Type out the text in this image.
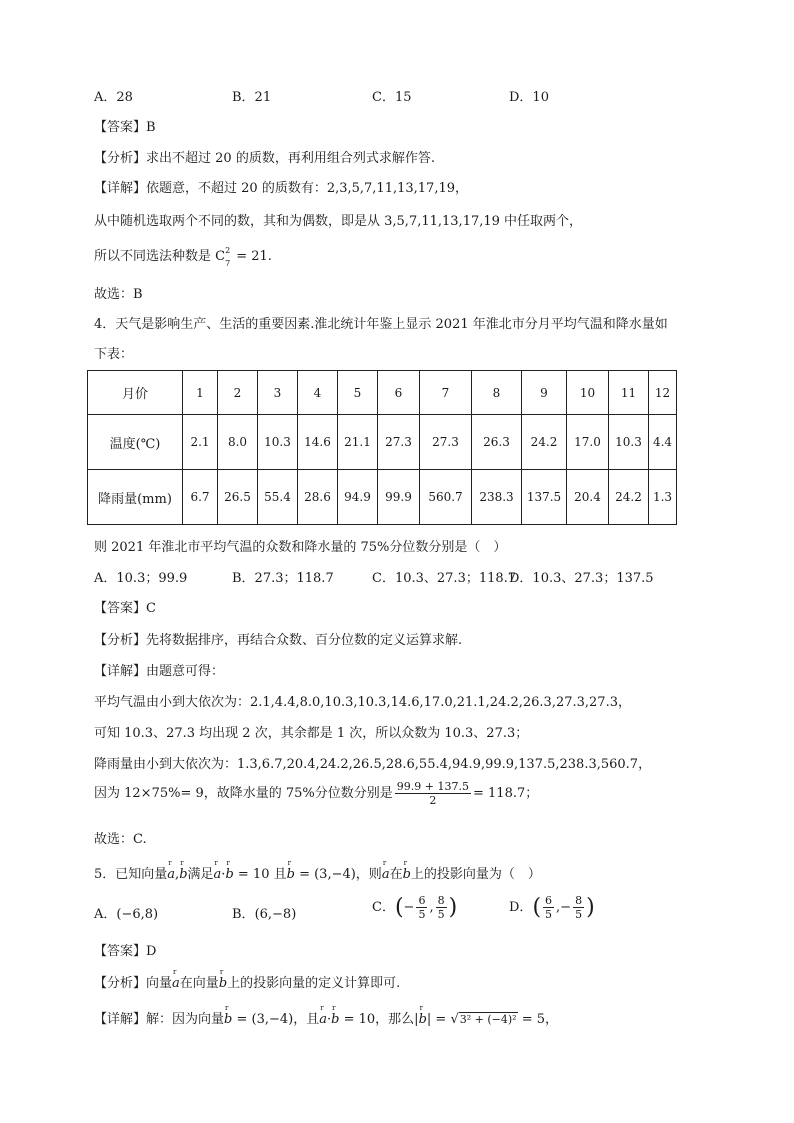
A．28	B．21	C．15	D．10
【答案】B
【分析】求出不超过 20 的质数，再利用组合列式求解作答.
【详解】依题意，不超过 20 的质数有：2,3,5,7,11,13,17,19，
从中随机选取两个不同的数，其和为偶数，即是从 3,5,7,11,13,17,19 中任取两个，
所以不同选法种数是 C 2
7 = 21.
故选：B
4．天气是影响生产、生活的重要因素.淮北统计年鉴上显示 2021 年淮北市分月平均气温和降水量如
下表：
月价	1	2	3	4	5	6	7	8	9	10	11	12
温度(℃)	2.1	8.0	10.3	14.6	21.1	27.3	27.3	26.3	24.2	17.0	10.3	4.4
降雨量(mm)	6.7	26.5	55.4	28.6	94.9	99.9	560.7	238.3	137.5	20.4	24.2	1.3
则 2021 年淮北市平均气温的众数和降水量的 75%分位数分别是（　）
A．10.3；99.9	B．27.3；118.7	C．10.3、27.3；118.7
D．10.3、27.3；137.5
【答案】C
【分析】先将数据排序，再结合众数、百分位数的定义运算求解.
【详解】由题意可得：
平均气温由小到大依次为：2.1,4.4,8.0,10.3,10.3,14.6,17.0,21.1,24.2,26.3,27.3,27.3，
可知 10.3、27.3 均出现 2 次，其余都是 1 次，所以众数为 10.3、27.3；
降雨量由小到大依次为：1.3,6.7,20.4,24.2,26.5,28.6,55.4,94.9,99.9,137.5,238.3,560.7，
因为 12×75%= 9，故降水量的 75%分位数分别是 $\frac{99.9 + 137.5}{2} = 118.7$；
故选：C.
5．已知向量r a,r b满足r a·r b = 10 且r b = (3,−4)，则r a在r b上的投影向量为（　）
A．(−6,8)	B．(6,−8)	C．(− $\frac{6}{5}$ , $\frac{8}{5}$ )	D．( $\frac{6}{5}$ ,− $\frac{8}{5}$ )
【答案】D
【分析】向量r a在向量r b上的投影向量的定义计算即可.
【详解】解：因为向量r b = (3,−4)，且r a·r b = 10，那么|r b| = √3² + (−4)² = 5，
